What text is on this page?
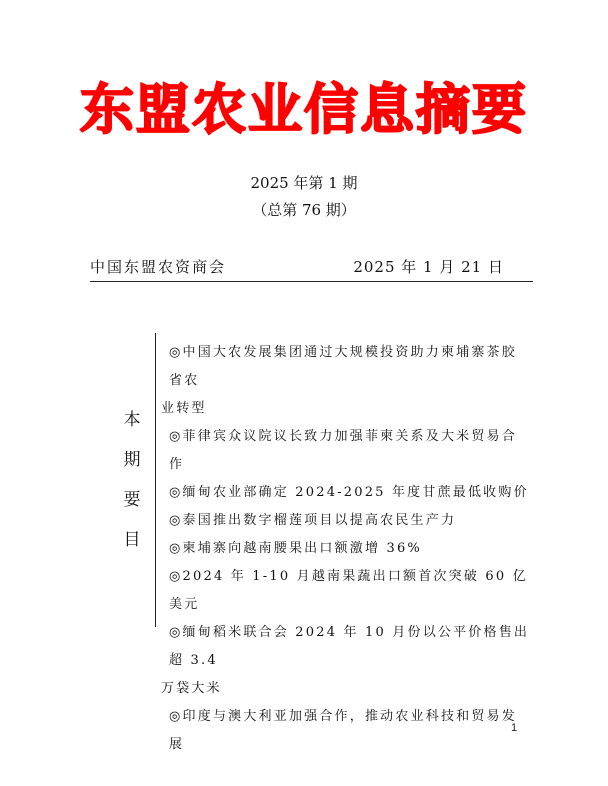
东盟农业信息摘要
2025 年第 1 期
（总第 76 期）
中国东盟农资商会	2025 年 1 月 21 日
本
期
要
目
◎中国大农发展集团通过大规模投资助力柬埔寨茶胶省农
业转型
◎菲律宾众议院议长致力加强菲柬关系及大米贸易合作
◎缅甸农业部确定 2024-2025 年度甘蔗最低收购价
◎泰国推出数字榴莲项目以提高农民生产力
◎柬埔寨向越南腰果出口额激增 36%
◎2024 年 1-10 月越南果蔬出口额首次突破 60 亿美元
◎缅甸稻米联合会 2024 年 10 月份以公平价格售出超 3.4
万袋大米
◎印度与澳大利亚加强合作，推动农业科技和贸易发展
1
